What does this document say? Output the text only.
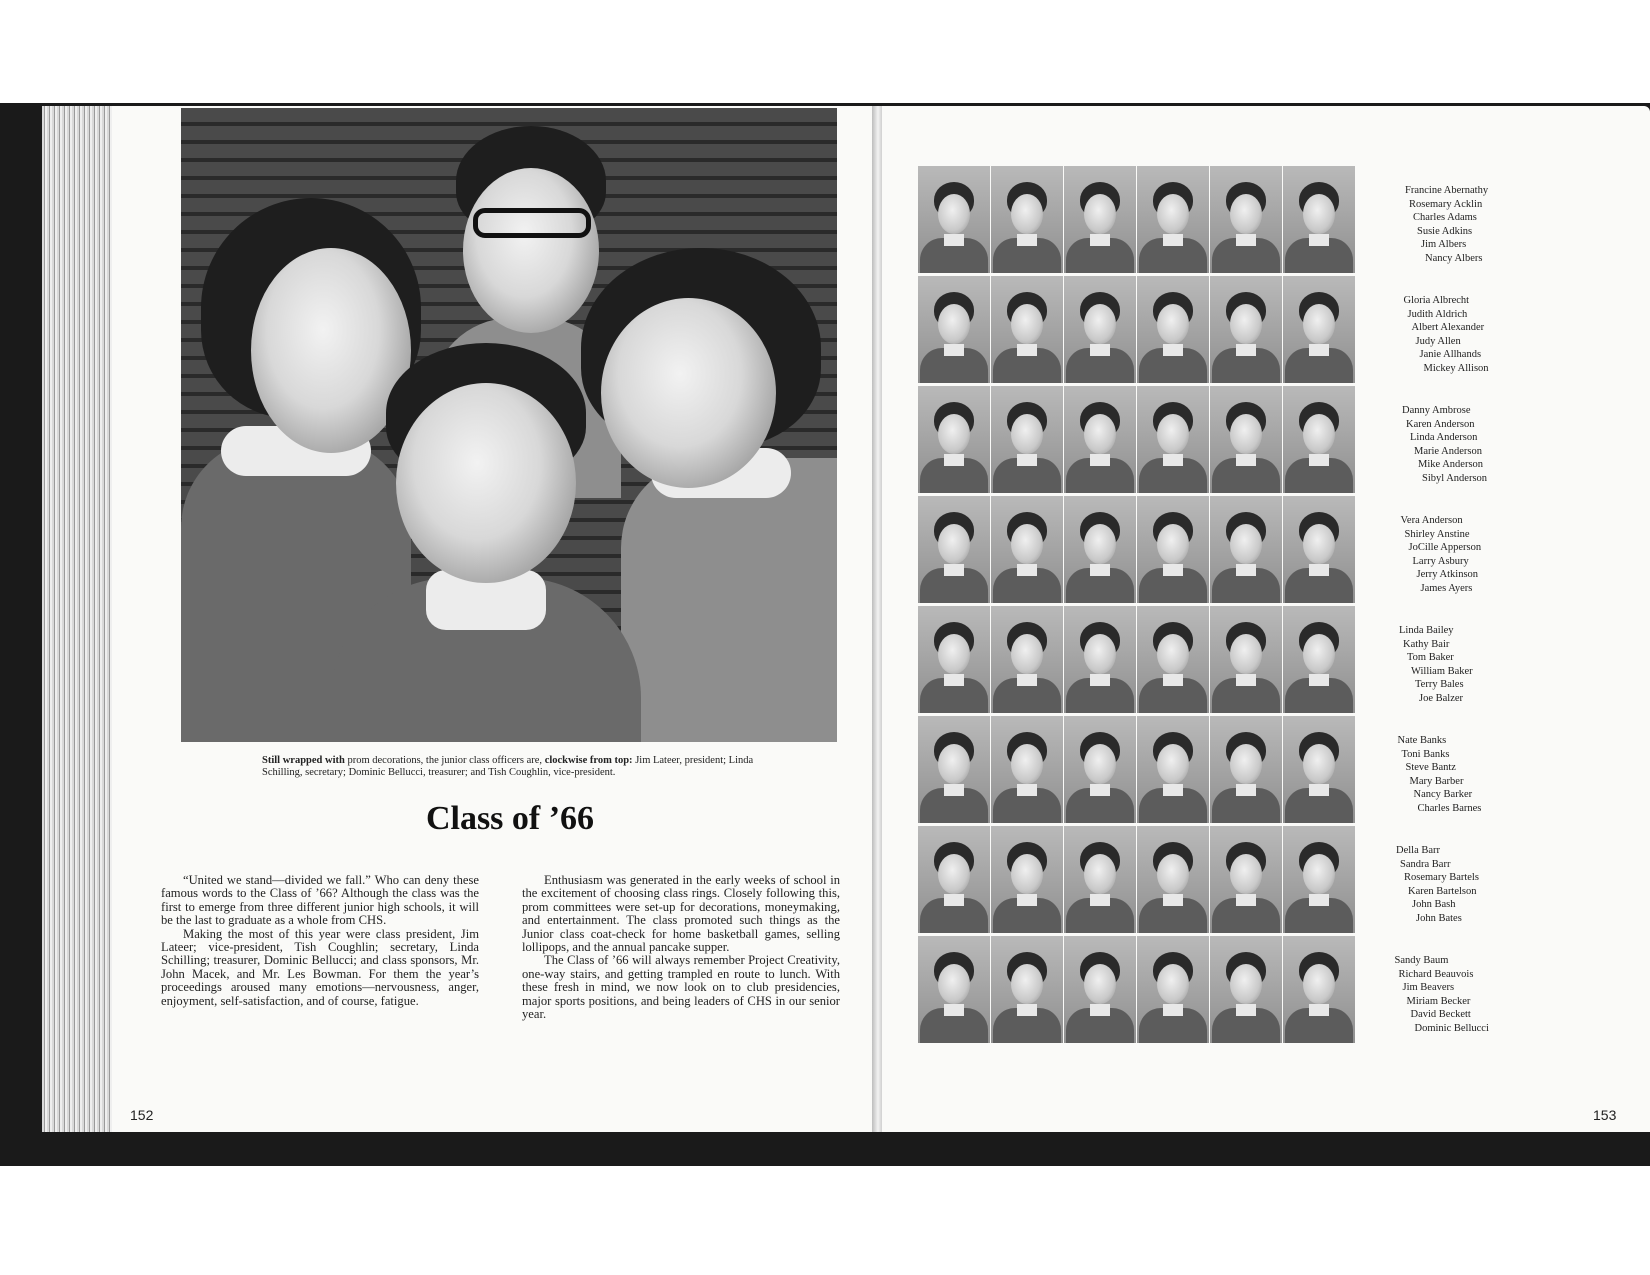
Still wrapped with prom decorations, the junior class officers are, clockwise from top: Jim Lateer, president; Linda Schilling, secretary; Dominic Bellucci, treasurer; and Tish Coughlin, vice-president.
Class of ’66

“United we stand—divided we fall.” Who can deny these famous words to the Class of ’66? Although the class was the first to emerge from three different junior high schools, it will be the last to graduate as a whole from CHS.

Making the most of this year were class president, Jim Lateer; vice-president, Tish Coughlin; secretary, Linda Schilling; treasurer, Dominic Bellucci; and class sponsors, Mr. John Macek, and Mr. Les Bowman. For them the year’s proceedings aroused many emotions—nervousness, anger, enjoyment, self-satisfaction, and of course, fatigue.

Enthusiasm was generated in the early weeks of school in the excitement of choosing class rings. Closely following this, prom committees were set-up for decorations, moneymaking, and entertainment. The class promoted such things as the Junior class coat-check for home basketball games, selling lollipops, and the annual pancake supper.

The Class of ’66 will always remember Project Creativity, one-way stairs, and getting trampled en route to lunch. With these fresh in mind, we now look on to club presidencies, major sports positions, and being leaders of CHS in our senior year.

152	153
Francine Abernathy
Rosemary Acklin
Charles Adams
Susie Adkins
Jim Albers
Nancy Albers
Gloria Albrecht
Judith Aldrich
Albert Alexander
Judy Allen
Janie Allhands
Mickey Allison
Danny Ambrose
Karen Anderson
Linda Anderson
Marie Anderson
Mike Anderson
Sibyl Anderson
Vera Anderson
Shirley Anstine
JoCille Apperson
Larry Asbury
Jerry Atkinson
James Ayers
Linda Bailey
Kathy Bair
Tom Baker
William Baker
Terry Bales
Joe Balzer
Nate Banks
Toni Banks
Steve Bantz
Mary Barber
Nancy Barker
Charles Barnes
Della Barr
Sandra Barr
Rosemary Bartels
Karen Bartelson
John Bash
John Bates
Sandy Baum
Richard Beauvois
Jim Beavers
Miriam Becker
David Beckett
Dominic Bellucci
